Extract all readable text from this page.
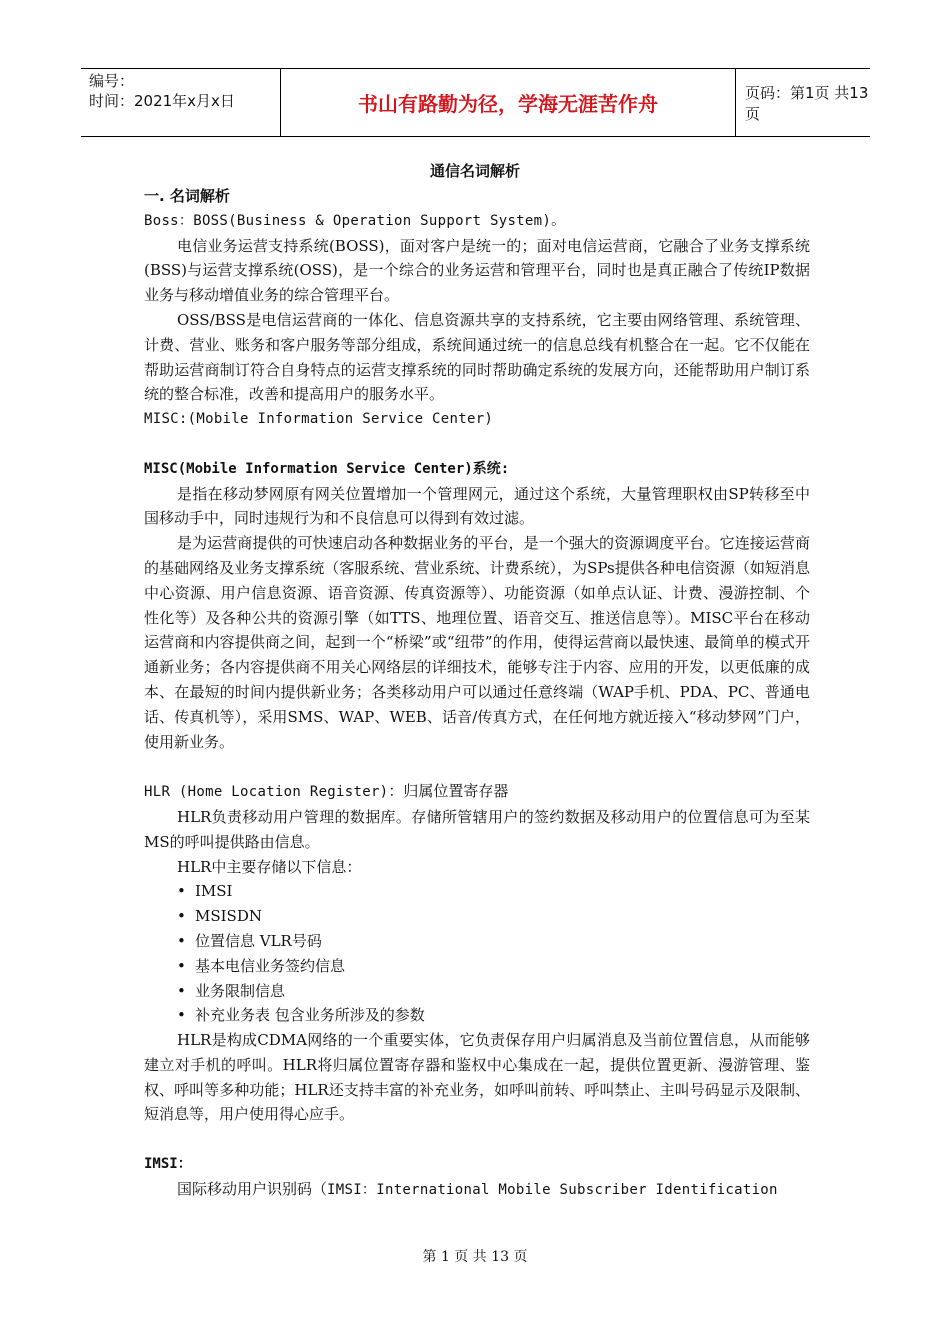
编号：
时间：2021年x月x日	书山有路勤为径，学海无涯苦作舟	页码：第1页 共13页
通信名词解析

一. 名词解析

Boss：BOSS(Business & Operation Support System)。

电信业务运营支持系统(BOSS)，面对客户是统一的；面对电信运营商，它融合了业务支撑系统(BSS)与运营支撑系统(OSS)，是一个综合的业务运营和管理平台，同时也是真正融合了传统IP数据业务与移动增值业务的综合管理平台。

OSS/BSS是电信运营商的一体化、信息资源共享的支持系统，它主要由网络管理、系统管理、计费、营业、账务和客户服务等部分组成，系统间通过统一的信息总线有机整合在一起。它不仅能在帮助运营商制订符合自身特点的运营支撑系统的同时帮助确定系统的发展方向，还能帮助用户制订系统的整合标准，改善和提高用户的服务水平。

MISC:(Mobile Information Service Center)

MISC(Mobile Information Service Center)系统:

是指在移动梦网原有网关位置增加一个管理网元，通过这个系统，大量管理职权由SP转移至中国移动手中，同时违规行为和不良信息可以得到有效过滤。

是为运营商提供的可快速启动各种数据业务的平台，是一个强大的资源调度平台。它连接运营商的基础网络及业务支撑系统（客服系统、营业系统、计费系统），为SPs提供各种电信资源（如短消息中心资源、用户信息资源、语音资源、传真资源等）、功能资源（如单点认证、计费、漫游控制、个性化等）及各种公共的资源引擎（如TTS、地理位置、语音交互、推送信息等）。MISC平台在移动运营商和内容提供商之间，起到一个“桥梁”或“纽带”的作用，使得运营商以最快速、最简单的模式开通新业务；各内容提供商不用关心网络层的详细技术，能够专注于内容、应用的开发，以更低廉的成本、在最短的时间内提供新业务；各类移动用户可以通过任意终端（WAP手机、PDA、PC、普通电话、传真机等），采用SMS、WAP、WEB、话音/传真方式，在任何地方就近接入“移动梦网”门户，使用新业务。

HLR (Home Location Register)：归属位置寄存器

HLR负责移动用户管理的数据库。存储所管辖用户的签约数据及移动用户的位置信息可为至某MS的呼叫提供路由信息。

HLR中主要存储以下信息：

• IMSI
• MSISDN
• 位置信息 VLR号码
• 基本电信业务签约信息
• 业务限制信息
• 补充业务表 包含业务所涉及的参数

HLR是构成CDMA网络的一个重要实体，它负责保存用户归属消息及当前位置信息，从而能够建立对手机的呼叫。HLR将归属位置寄存器和鉴权中心集成在一起，提供位置更新、漫游管理、鉴权、呼叫等多种功能；HLR还支持丰富的补充业务，如呼叫前转、呼叫禁止、主叫号码显示及限制、短消息等，用户使用得心应手。

IMSI：

国际移动用户识别码（IMSI：International Mobile Subscriber Identification

第 1 页 共 13 页
